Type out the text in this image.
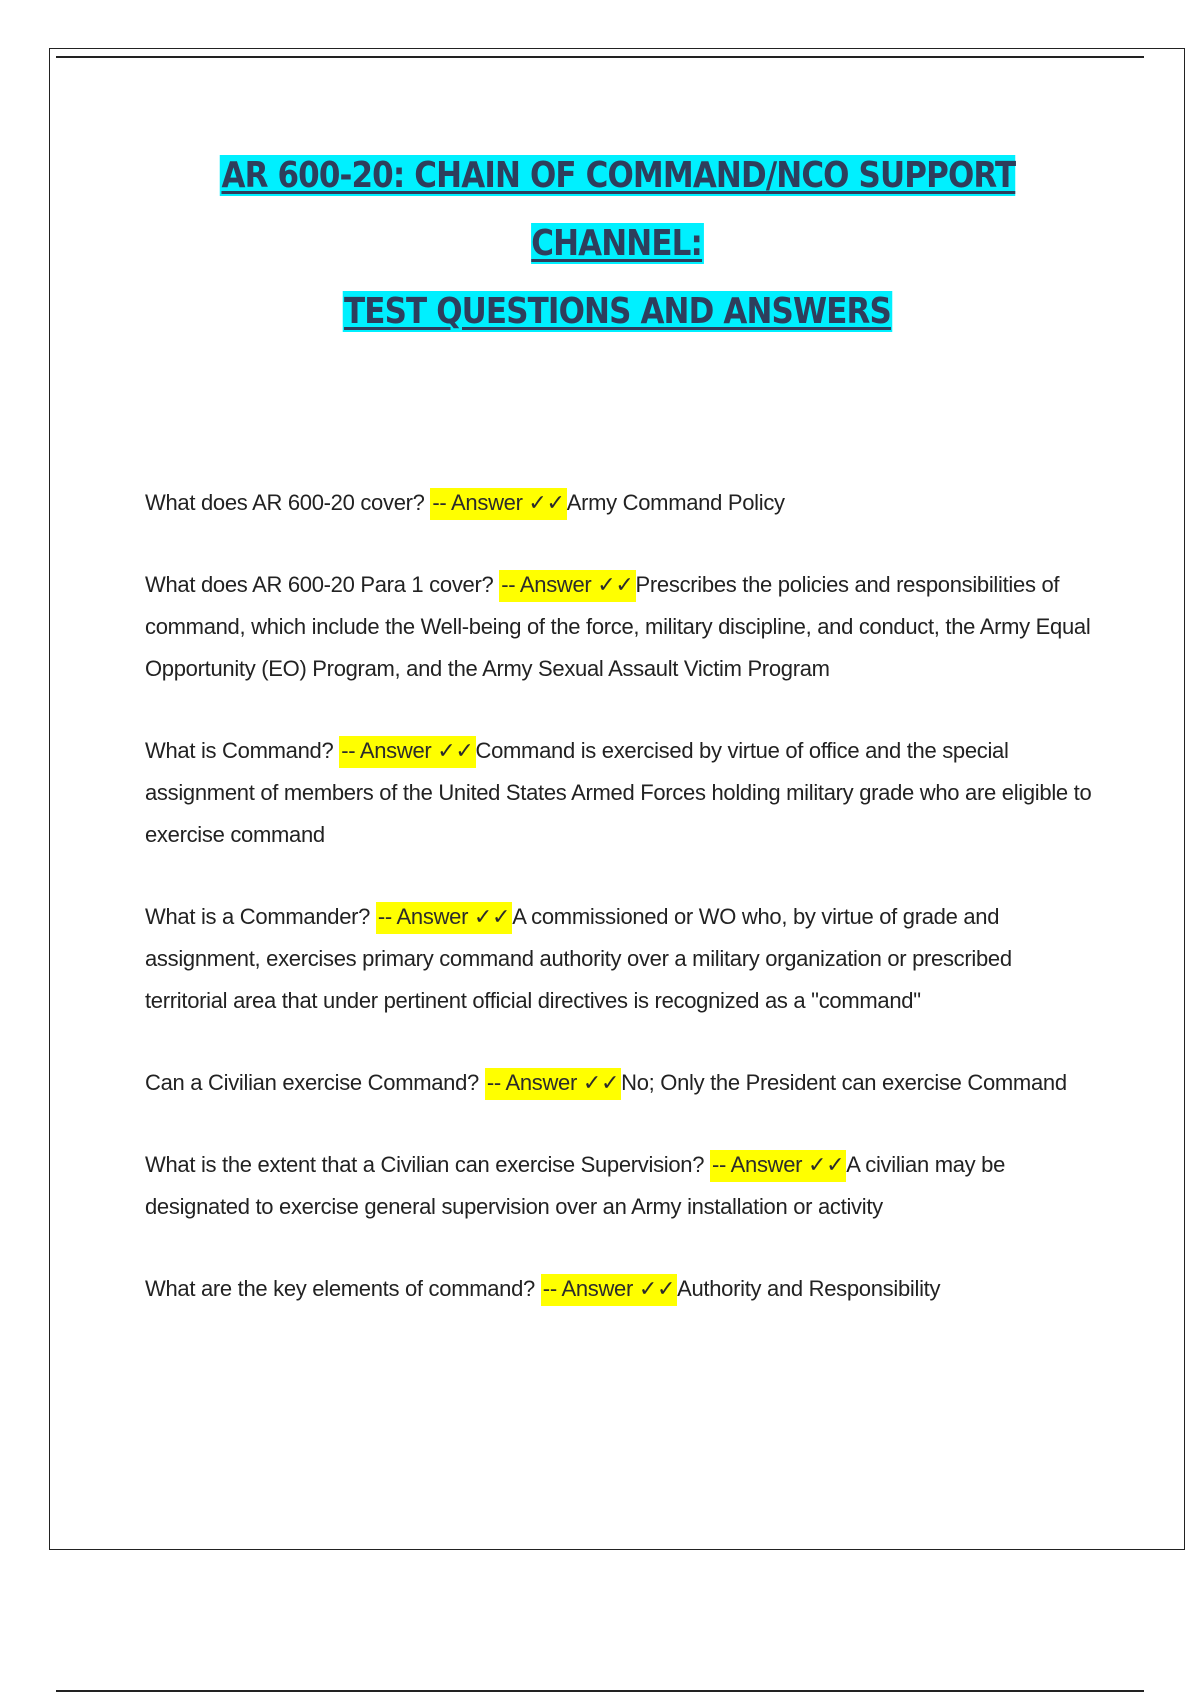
AR 600-20: CHAIN OF COMMAND/NCO SUPPORT CHANNEL:
TEST QUESTIONS AND ANSWERS

What does AR 600-20 cover? -- Answer ✓✓Army Command Policy

What does AR 600-20 Para 1 cover? -- Answer ✓✓Prescribes the policies and responsibilities of command, which include the Well-being of the force, military discipline, and conduct, the Army Equal Opportunity (EO) Program, and the Army Sexual Assault Victim Program

What is Command? -- Answer ✓✓Command is exercised by virtue of office and the special assignment of members of the United States Armed Forces holding military grade who are eligible to exercise command

What is a Commander? -- Answer ✓✓A commissioned or WO who, by virtue of grade and assignment, exercises primary command authority over a military organization or prescribed territorial area that under pertinent official directives is recognized as a "command"

Can a Civilian exercise Command? -- Answer ✓✓No; Only the President can exercise Command

What is the extent that a Civilian can exercise Supervision? -- Answer ✓✓A civilian may be designated to exercise general supervision over an Army installation or activity

What are the key elements of command? -- Answer ✓✓Authority and Responsibility
